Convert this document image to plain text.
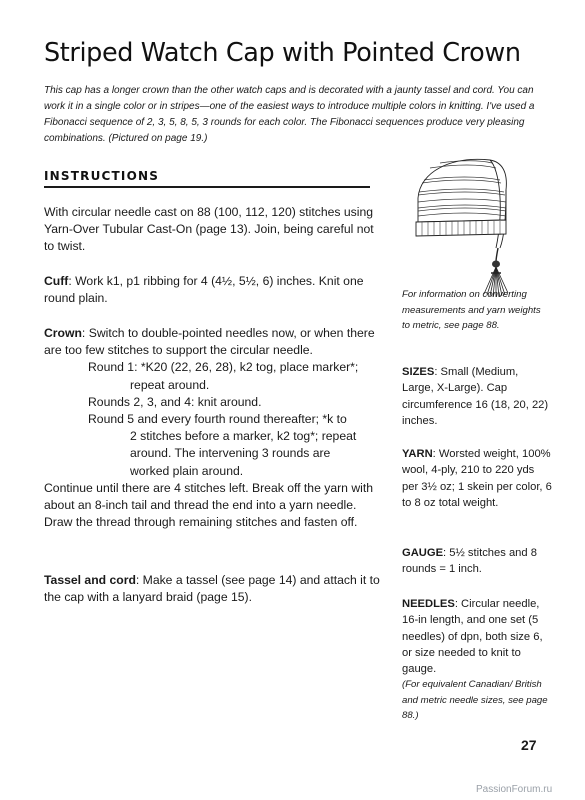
Striped Watch Cap with Pointed Crown
This cap has a longer crown than the other watch caps and is decorated with a jaunty tassel and cord. You can work it in a single color or in stripes—one of the easiest ways to introduce multiple colors in knitting. I've used a Fibonacci sequence of 2, 3, 5, 8, 5, 3 rounds for each color. The Fibonacci sequences produce very pleasing combinations. (Pictured on page 19.)
INSTRUCTIONS

With circular needle cast on 88 (100, 112, 120) stitches using Yarn-Over Tubular Cast-On (page 13). Join, being careful not to twist.

Cuff: Work k1, p1 ribbing for 4 (4½, 5½, 6) inches. Knit one round plain.

Crown: Switch to double-pointed needles now, or when there are too few stitches to support the circular needle.

Round 1: *K20 (22, 26, 28), k2 tog, place marker*;

repeat around.

Rounds 2, 3, and 4: knit around.

Round 5 and every fourth round thereafter; *k to

2 stitches before a marker, k2 tog*; repeat

around. The intervening 3 rounds are

worked plain around.

Continue until there are 4 stitches left. Break off the yarn with about an 8-inch tail and thread the end into a yarn needle. Draw the thread through remaining stitches and fasten off.

Tassel and cord: Make a tassel (see page 14) and attach it to the cap with a lanyard braid (page 15).

For information on converting measurements and yarn weights to metric, see page 88.

SIZES: Small (Medium, Large, X-Large). Cap circumference 16 (18, 20, 22) inches.

YARN: Worsted weight, 100% wool, 4-ply, 210 to 220 yds per 3½ oz; 1 skein per color, 6 to 8 oz total weight.

GAUGE: 5½ stitches and 8 rounds = 1 inch.

NEEDLES: Circular needle, 16-in length, and one set (5 needles) of dpn, both size 6, or size needed to knit to gauge.

(For equivalent Canadian/ British and metric needle sizes, see page 88.)

27
PassionForum.ru
